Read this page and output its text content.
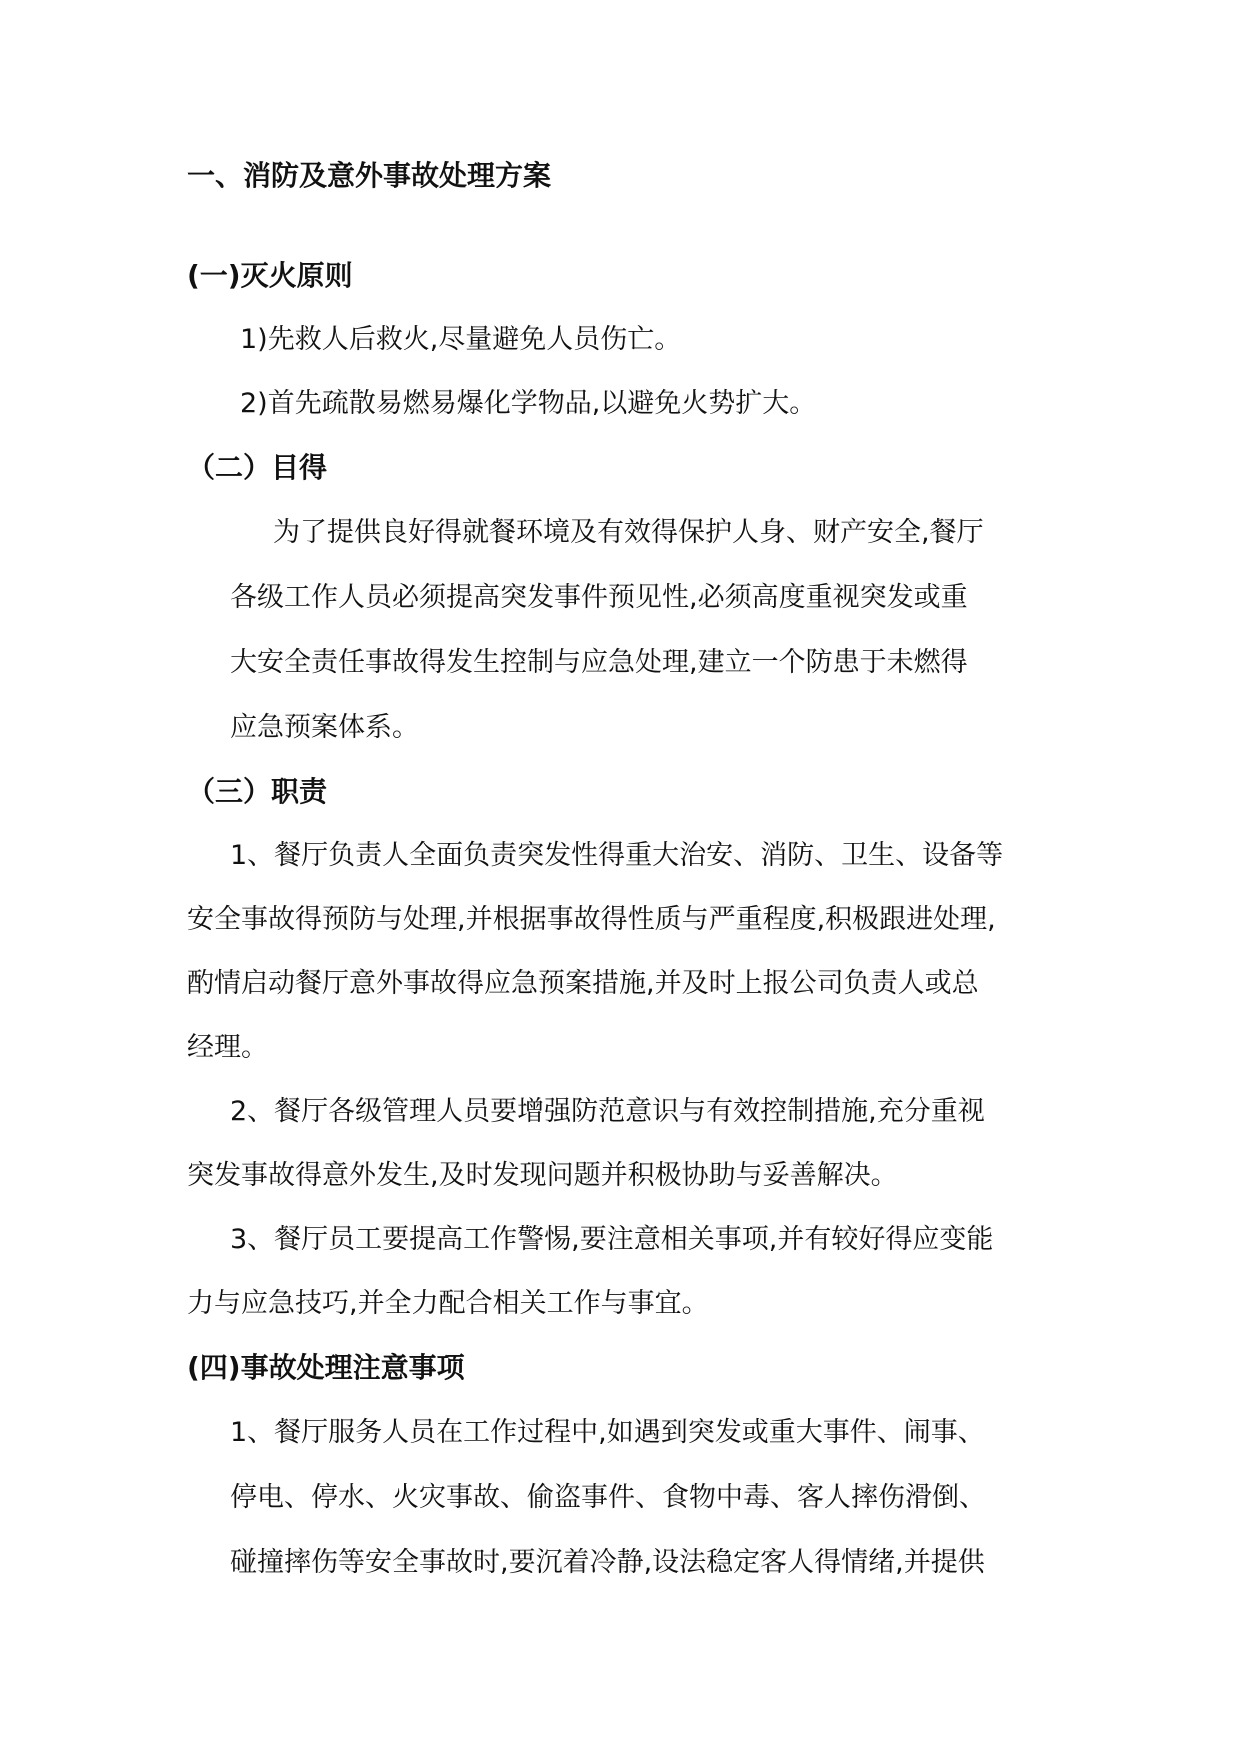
一、消防及意外事故处理方案
(一)灭火原则
1)先救人后救火,尽量避免人员伤亡。
2)首先疏散易燃易爆化学物品,以避免火势扩大。
（二）目得
为了提供良好得就餐环境及有效得保护人身、财产安全,餐厅
各级工作人员必须提高突发事件预见性,必须高度重视突发或重
大安全责任事故得发生控制与应急处理,建立一个防患于未燃得
应急预案体系。
（三）职责
1、餐厅负责人全面负责突发性得重大治安、消防、卫生、设备等
安全事故得预防与处理,并根据事故得性质与严重程度,积极跟进处理,
酌情启动餐厅意外事故得应急预案措施,并及时上报公司负责人或总
经理。
2、餐厅各级管理人员要增强防范意识与有效控制措施,充分重视
突发事故得意外发生,及时发现问题并积极协助与妥善解决。
3、餐厅员工要提高工作警惕,要注意相关事项,并有较好得应变能
力与应急技巧,并全力配合相关工作与事宜。
(四)事故处理注意事项
1、餐厅服务人员在工作过程中,如遇到突发或重大事件、闹事、
停电、停水、火灾事故、偷盗事件、食物中毒、客人摔伤滑倒、
碰撞摔伤等安全事故时,要沉着冷静,设法稳定客人得情绪,并提供
